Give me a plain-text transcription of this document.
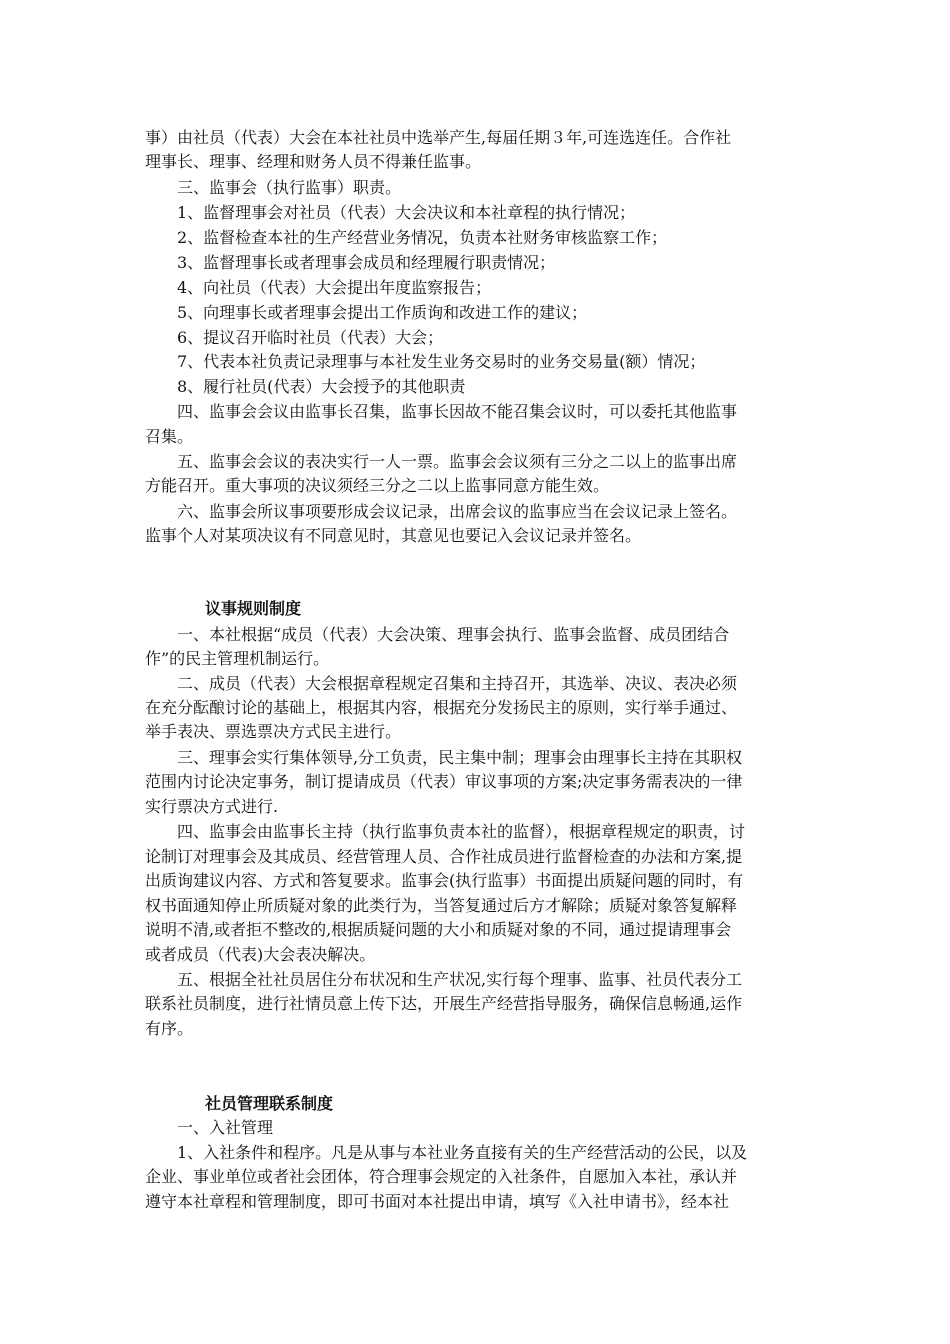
事）由社员（代表）大会在本社社员中选举产生,每届任期３年,可连选连任。合作社
理事长、理事、经理和财务人员不得兼任监事。
三、监事会（执行监事）职责。
1、监督理事会对社员（代表）大会决议和本社章程的执行情况；
2、监督检查本社的生产经营业务情况，负责本社财务审核监察工作；
3、监督理事长或者理事会成员和经理履行职责情况；
4、向社员（代表）大会提出年度监察报告；
5、向理事长或者理事会提出工作质询和改进工作的建议；
6、提议召开临时社员（代表）大会；
7、代表本社负责记录理事与本社发生业务交易时的业务交易量(额）情况；
8、履行社员(代表）大会授予的其他职责
四、监事会会议由监事长召集，监事长因故不能召集会议时，可以委托其他监事
召集。
五、监事会会议的表决实行一人一票。监事会会议须有三分之二以上的监事出席
方能召开。重大事项的决议须经三分之二以上监事同意方能生效。
六、监事会所议事项要形成会议记录，出席会议的监事应当在会议记录上签名。
监事个人对某项决议有不同意见时，其意见也要记入会议记录并签名。
议事规则制度
一、本社根据“成员（代表）大会决策、理事会执行、监事会监督、成员团结合
作”的民主管理机制运行。
二、成员（代表）大会根据章程规定召集和主持召开，其选举、决议、表决必须
在充分酝酿讨论的基础上，根据其内容，根据充分发扬民主的原则，实行举手通过、
举手表决、票选票决方式民主进行。
三、理事会实行集体领导,分工负责，民主集中制；理事会由理事长主持在其职权
范围内讨论决定事务，制订提请成员（代表）审议事项的方案;决定事务需表决的一律
实行票决方式进行.
四、监事会由监事长主持（执行监事负责本社的监督），根据章程规定的职责，讨
论制订对理事会及其成员、经营管理人员、合作社成员进行监督检查的办法和方案,提
出质询建议内容、方式和答复要求。监事会(执行监事）书面提出质疑问题的同时，有
权书面通知停止所质疑对象的此类行为，当答复通过后方才解除；质疑对象答复解释
说明不清,或者拒不整改的,根据质疑问题的大小和质疑对象的不同，通过提请理事会
或者成员（代表)大会表决解决。
五、根据全社社员居住分布状况和生产状况,实行每个理事、监事、社员代表分工
联系社员制度，进行社情员意上传下达，开展生产经营指导服务，确保信息畅通,运作
有序。
社员管理联系制度
一、入社管理
1、入社条件和程序。凡是从事与本社业务直接有关的生产经营活动的公民，以及
企业、事业单位或者社会团体，符合理事会规定的入社条件，自愿加入本社，承认并
遵守本社章程和管理制度，即可书面对本社提出申请，填写《入社申请书》，经本社
